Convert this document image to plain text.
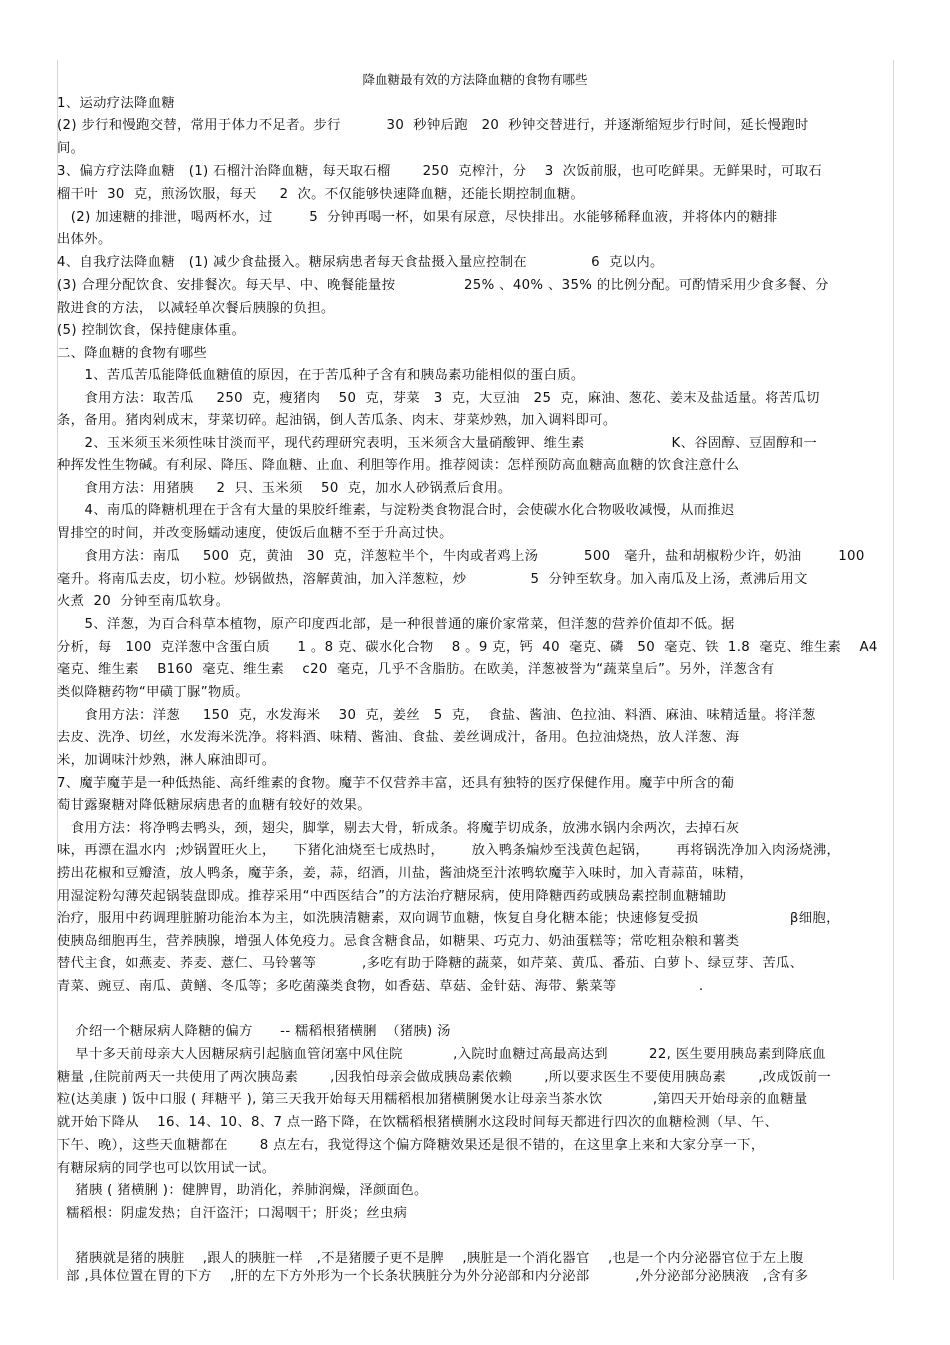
降血糖最有效的方法降血糖的食物有哪些
1、运动疗法降血糖
(2) 步行和慢跑交替，常用于体力不足者。步行          30  秒钟后跑   20  秒钟交替进行，并逐渐缩短步行时间，延长慢跑时
间。
3、偏方疗法降血糖   (1) 石榴汁治降血糖，每天取石榴       250  克榨汁，分    3  次饭前服，也可吃鲜果。无鲜果时，可取石
榴干叶  30  克，煎汤饮服，每天     2  次。不仅能够快速降血糖，还能长期控制血糖。
(2) 加速糖的排泄，喝两杯水，过        5  分钟再喝一杯，如果有尿意，尽快排出。水能够稀释血液，并将体内的糖排
出体外。
4、自我疗法降血糖   (1) 减少食盐摄入。糖尿病患者每天食盐摄入量应控制在              6  克以内。
(3) 合理分配饮食、安排餐次。每天早、中、晚餐能量按               25% 、40% 、35% 的比例分配。可酌情采用少食多餐、分
散进食的方法， 以减轻单次餐后胰腺的负担。
(5) 控制饮食，保持健康体重。
二、降血糖的食物有哪些
1、苦瓜苦瓜能降低血糖值的原因，在于苦瓜种子含有和胰岛素功能相似的蛋白质。
食用方法：取苦瓜     250  克，瘦猪肉    50  克，芽菜   3  克，大豆油   25  克，麻油、葱花、姜末及盐适量。将苦瓜切
条，备用。猪肉剁成末，芽菜切碎。起油锅，倒人苦瓜条、肉末、芽菜炒熟，加入调料即可。
2、玉米须玉米须性味甘淡而平，现代药理研究表明，玉米须含大量硝酸钾、维生素                   K、谷固醇、豆固醇和一
种挥发性生物碱。有利尿、降压、降血糖、止血、利胆等作用。推荐阅读：怎样预防高血糖高血糖的饮食注意什么
食用方法：用猪胰     2  只、玉米须    50  克，加水人砂锅煮后食用。
4、南瓜的降糖机理在于含有大量的果胶纤维素，与淀粉类食物混合时，会使碳水化合物吸收减慢，从而推迟
胃排空的时间，并改变肠蠕动速度，使饭后血糖不至于升高过快。
食用方法：南瓜     500  克，黄油   30  克，洋葱粒半个，牛肉或者鸡上汤          500   毫升，盐和胡椒粉少许，奶油        100
毫升。将南瓜去皮，切小粒。炒锅做热，溶解黄油，加入洋葱粒，炒              5  分钟至软身。加入南瓜及上汤，煮沸后用文
火煮  20  分钟至南瓜软身。
5、洋葱，为百合科草本植物，原产印度西北部，是一种很普通的廉价家常菜，但洋葱的营养价值却不低。据
分析，每   100  克洋葱中含蛋白质      1 。8 克、碳水化合物    8 。9 克，钙  40  毫克、磷   50  毫克、铁  1.8  毫克、维生素    A4
毫克、维生素    B160  毫克、维生素    c20  毫克，几乎不含脂肪。在欧美，洋葱被誉为“蔬菜皇后”。另外，洋葱含有
类似降糖药物“甲磺丁脲”物质。
食用方法：洋葱     150  克，水发海米    30  克，姜丝   5  克，  食盐、酱油、色拉油、料酒、麻油、味精适量。将洋葱
去皮、洗净、切丝，水发海米洗净。将料酒、味精、酱油、食盐、姜丝调成汁，备用。色拉油烧热，放人洋葱、海
米，加调味汁炒熟，淋人麻油即可。
7、魔芋魔芋是一种低热能、高纤维素的食物。魔芋不仅营养丰富，还具有独特的医疗保健作用。魔芋中所含的葡
萄甘露聚糖对降低糖尿病患者的血糖有较好的效果。
食用方法：将净鸭去鸭头，颈，翅尖，脚掌，剔去大骨，斩成条。将魔芋切成条，放沸水锅内余两次，去掉石灰
味，再漂在温水内  ;炒锅置旺火上，    下猪化油烧至七成热时，      放入鸭条煸炒至浅黄色起锅，      再将锅洗净加入肉汤烧沸，
捞出花椒和豆瓣渣，放人鸭条，魔芋条，姜，蒜，绍酒，川盐，酱油烧至汁浓鸭软魔芋入味时，加入青蒜苗，味精，
用湿淀粉勾薄芡起锅装盘即成。推荐采用“中西医结合”的方法治疗糖尿病，使用降糖西药或胰岛素控制血糖辅助
治疗，服用中药调理脏腑功能治本为主，如洗胰清糖素，双向调节血糖，恢复自身化糖本能；快速修复受损                    β细胞，
使胰岛细胞再生，营养胰腺，增强人体免疫力。忌食含糖食品，如糖果、巧克力、奶油蛋糕等；常吃粗杂粮和薯类
替代主食，如燕麦、荞麦、薏仁、马铃薯等          ,多吃有助于降糖的蔬菜，如芹菜、黄瓜、番茄、白萝卜、绿豆芽、苦瓜、
青菜、豌豆、南瓜、黄鳝、冬瓜等；多吃菌藻类食物，如香菇、草菇、金针菇、海带、紫菜等                  .
介绍一个糖尿病人降糖的偏方      -- 糯稻根猪横脷  （猪胰) 汤
早十多天前母亲大人因糖尿病引起脑血管闭塞中风住院           ,入院时血糖过高最高达到         22, 医生要用胰岛素到降底血
糖量 ,住院前两天一共使用了两次胰岛素       ,因我怕母亲会做成胰岛素依赖       ,所以要求医生不要使用胰岛素       ,改成饭前一
粒(达美康 ) 饭中口服 ( 拜糖平 ), 第三天我开始每天用糯稻根加猪横脷煲水让母亲当茶水饮           ,第四天开始母亲的血糖量
就开始下降从    16、14、10、8、7 点一路下降，在饮糯稻根猪横脷水这段时间每天都进行四次的血糖检测（早、午、
下午、晚），这些天血糖都在       8 点左右，我觉得这个偏方降糖效果还是很不错的，在这里拿上来和大家分享一下，
有糖尿病的同学也可以饮用试一试。
猪胰 ( 猪横脷 )：健脾胃，助消化，养肺润燥，泽颜面色。
糯稻根：阴虚发热；自汗盗汗；口渴咽干；肝炎；丝虫病
猪胰就是猪的胰脏    ,跟人的胰脏一样   ,不是猪腰子更不是脾    ,胰脏是一个消化器官    ,也是一个内分泌器官位于左上腹
部 ,具体位置在胃的下方    ,肝的左下方外形为一个长条状胰脏分为外分泌部和内分泌部          ,外分泌部分泌胰液   ,含有多
